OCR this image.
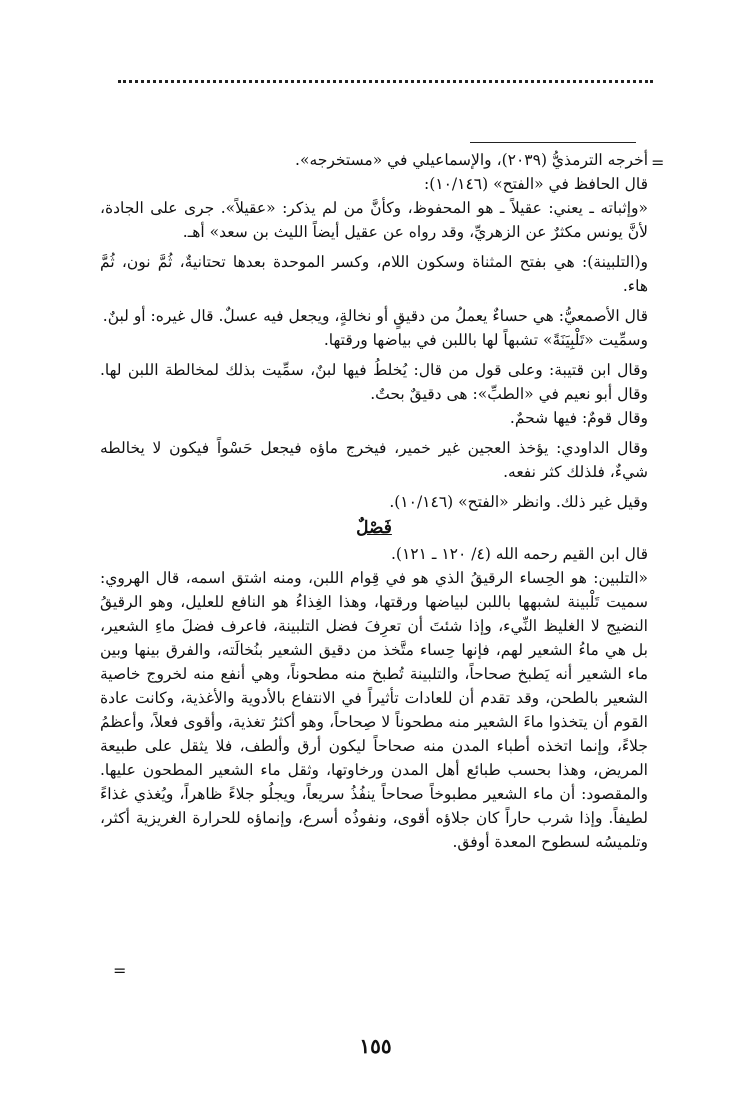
=

أخرجه الترمذيُّ (٢٠٣٩)، والإسماعيلي في «مستخرجه».

قال الحافظ في «الفتح» (١٠/١٤٦):

«وإثباته ـ يعني: عقيلاً ـ هو المحفوظ، وكأنَّ من لم يذكر: «عقيلاً». جرى على الجادة، لأنَّ يونس مكثرٌ عن الزهريِّ، وقد رواه عن عقيل أيضاً الليث بن سعد» أهـ.

و(التلبينة): هي بفتح المثناة وسكون اللام، وكسر الموحدة بعدها تحتانيةٌ، ثُمَّ نون، ثُمَّ هاء.

قال الأصمعيُّ: هي حساءٌ يعملُ من دقيقٍ أو نخالةٍ، ويجعل فيه عسلٌ. قال غيره: أو لبنٌ.

وسمِّيت «تَلْبِيَنَةً» تشبهاً لها باللبن في بياضها ورقتها.

وقال ابن قتيبة: وعلى قول من قال: يُخلطُ فيها لبنٌ، سمِّيت بذلك لمخالطة اللبن لها. وقال أبو نعيم في «الطبِّ»: هى دقيقٌ بحتٌ.

وقال قومٌ: فيها شحمٌ.

وقال الداودي: يؤخذ العجين غير خمير، فيخرج ماؤه فيجعل حَسْواً فيكون لا يخالطه شيءٌ، فلذلك كثر نفعه.

وقيل غير ذلك. وانظر «الفتح» (١٠/١٤٦).

فَصْلٌ

قال ابن القيم رحمه الله (٤/ ١٢٠ ـ ١٢١).

«التلبين: هو الحِساء الرقيقُ الذي هو في قِوام اللبن، ومنه اشتق اسمه، قال الهروي: سميت تَلْبينة لشبهها باللبن لبياضها ورقتها، وهذا الغِذاءُ هو النافع للعليل، وهو الرقيقُ النضيج لا الغليظ النِّيء، وإذا شئتَ أن تعرِفَ فضل التلبينة، فاعرف فضلَ ماءِ الشعير، بل هي ماءُ الشعير لهم، فإنها حِساء متَّخذ من دقيق الشعير بنُخالَته، والفرق بينها وبين ماء الشعير أنه يَطبخ صحاحاً، والتلبينة تُطبخ منه مطحوناً، وهي أنفع منه لخروج خاصية الشعير بالطحن، وقد تقدم أن للعادات تأثيراً في الانتفاع بالأدوية والأغذية، وكانت عادة القوم أن يتخذوا ماءَ الشعير منه مطحوناً لا صِحاحاً، وهو أكثرُ تغذية، وأقوى فعلاً، وأعظمُ جلاءً، وإنما اتخذه أطباء المدن منه صحاحاً ليكون أرق وألطف، فلا يثقل على طبيعة المريض، وهذا بحسب طبائع أهل المدن ورخاوتها، وثقل ماء الشعير المطحون عليها. والمقصود: أن ماء الشعير مطبوخاً صحاحاً ينفُذُ سريعاً، ويجلُو جلاءً ظاهراً، ويُغذي غذاءً لطيفاً. وإذا شرب حاراً كان جلاؤه أقوى، ونفوذُه أسرع، وإنماؤه للحرارة الغريزية أكثر، وتلميسُه لسطوح المعدة أوفق.

=
١٥٥
